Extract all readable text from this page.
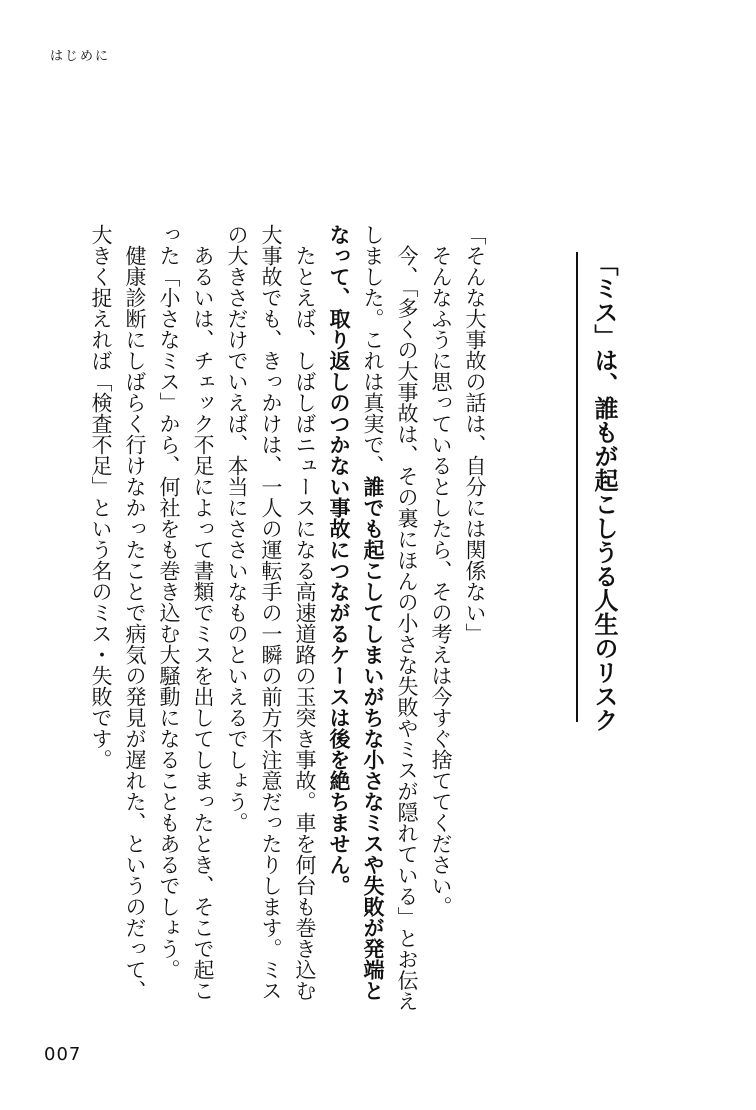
はじめに
「ミス」は、誰もが起こしうる人生のリスク

「そんな大事故の話は、自分には関係ない」

そんなふうに思っているとしたら、その考えは今すぐ捨ててください。

今、「多くの大事故は、その裏にほんの小さな失敗やミスが隠れている」とお伝えしました。これは真実で、誰でも起こしてしまいがちな小さなミスや失敗が発端となって、取り返しのつかない事故につながるケースは後を絶ちません。

たとえば、しばしばニュースになる高速道路の玉突き事故。車を何台も巻き込む大事故でも、きっかけは、一人の運転手の一瞬の前方不注意だったりします。ミスの大きさだけでいえば、本当にささいなものといえるでしょう。

あるいは、チェック不足によって書類でミスを出してしまったとき、そこで起こった「小さなミス」から、何社をも巻き込む大騒動になることもあるでしょう。

健康診断にしばらく行けなかったことで病気の発見が遅れた、というのだって、大きく捉えれば「検査不足」という名のミス・失敗です。

007
